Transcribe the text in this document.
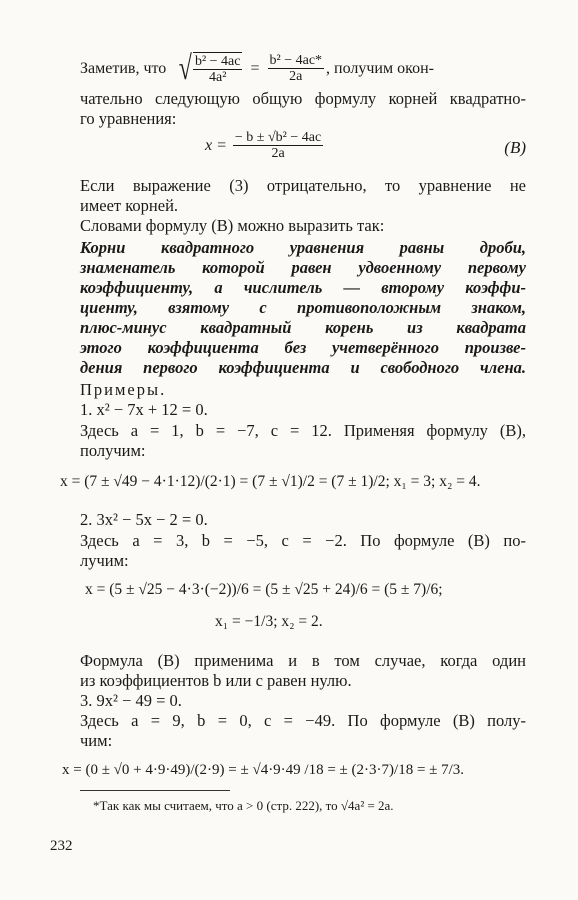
Заметив, что √ $\frac{\text{b² − 4ac}}{\text{4a²}} = \frac{\text{b² − 4ac*}}{2a}$ , получим окон-
чательно следующую общую формулу корней квадратно-
го уравнения:
$x = \frac{\text{− b ± √b² − 4ac}}{2a}$	(B)
Если выражение (3) отрицательно, то уравнение не
имеет корней.
Словами формулу (B) можно выразить так:
Корни квадратного уравнения равны дроби,
знаменатель которой равен удвоенному первому
коэффициенту, а числитель — второму коэффи-
циенту, взятому с противоположным знаком,
плюс-минус квадратный корень из квадрата
этого коэффициента без учетверённого произве-
дения первого коэффициента и свободного члена.
Примеры.
1. x² − 7x + 12 = 0.
Здесь a = 1, b = −7, c = 12. Применяя формулу (B),
получим:
x = (7 ± √49 − 4·1·12)/(2·1) = (7 ± √1)/2 = (7 ± 1)/2; x₁ = 3; x₂ = 4.
2. 3x² − 5x − 2 = 0.
Здесь a = 3, b = −5, c = −2. По формуле (B) по-
лучим:
x = (5 ± √25 − 4·3·(−2))/6 = (5 ± √25 + 24)/6 = (5 ± 7)/6;
x₁ = −1/3; x₂ = 2.
Формула (B) применима и в том случае, когда один
из коэффициентов b или c равен нулю.
3. 9x² − 49 = 0.
Здесь a = 9, b = 0, c = −49. По формуле (B) полу-
чим:
x = (0 ± √0 + 4·9·49)/(2·9) = ± √4·9·49 /18 = ± (2·3·7)/18 = ± 7/3.
*Так как мы считаем, что a > 0 (стр. 222), то √4a² = 2a.
232
